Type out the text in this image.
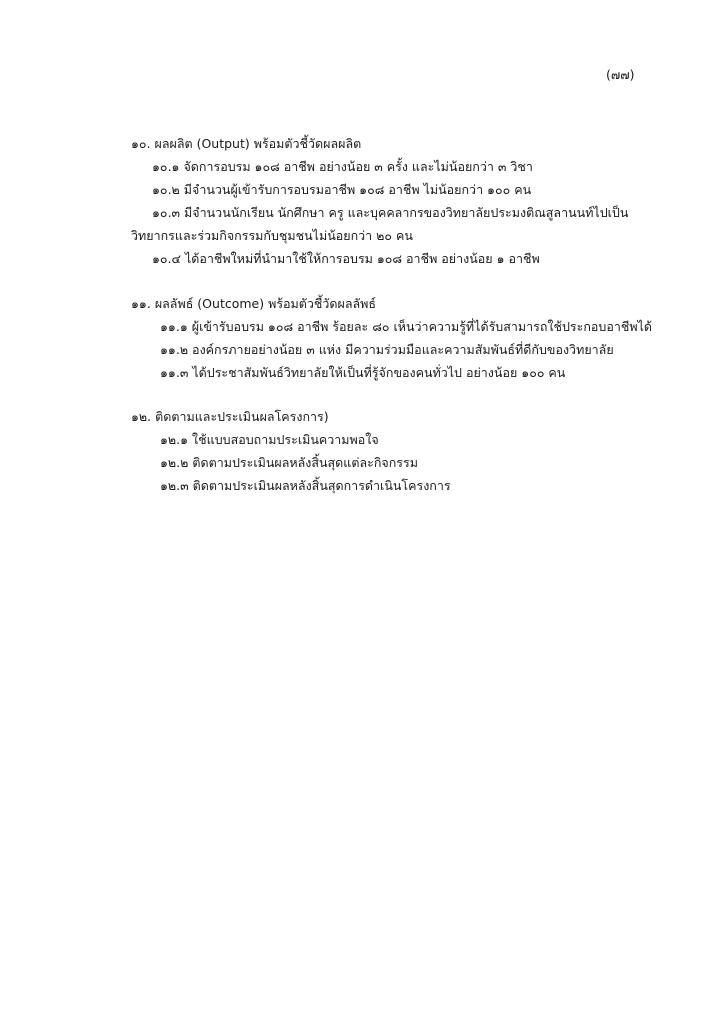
(๗๗)
๑๐. ผลผลิต (Output) พร้อมตัวชี้วัดผลผลิต
๑๐.๑ จัดการอบรม ๑๐๘ อาชีพ อย่างน้อย ๓ ครั้ง และไม่น้อยกว่า ๓ วิชา
๑๐.๒ มีจำนวนผู้เข้ารับการอบรมอาชีพ ๑๐๘ อาชีพ ไม่น้อยกว่า ๑๐๐ คน
๑๐.๓ มีจำนวนนักเรียน นักศึกษา ครู และบุคคลากรของวิทยาลัยประมงติณสูลานนท์ไปเป็น
วิทยากรและร่วมกิจกรรมกับชุมชนไม่น้อยกว่า ๒๐ คน
๑๐.๔ ได้อาชีพใหม่ที่นำมาใช้ให้การอบรม ๑๐๘ อาชีพ อย่างน้อย ๑ อาชีพ
๑๑. ผลลัพธ์ (Outcome) พร้อมตัวชี้วัดผลลัพธ์
๑๑.๑ ผู้เข้ารับอบรม ๑๐๘ อาชีพ ร้อยละ ๘๐ เห็นว่าความรู้ที่ได้รับสามารถใช้ประกอบอาชีพได้
๑๑.๒ องค์กรภายอย่างน้อย ๓ แห่ง มีความร่วมมือและความสัมพันธ์ที่ดีกับของวิทยาลัย
๑๑.๓ ได้ประชาสัมพันธ์วิทยาลัยให้เป็นที่รู้จักของคนทั่วไป อย่างน้อย ๑๐๐ คน
๑๒. ติดตามและประเมินผลโครงการ)
๑๒.๑ ใช้แบบสอบถามประเมินความพอใจ
๑๒.๒ ติดตามประเมินผลหลังสิ้นสุดแต่ละกิจกรรม
๑๒.๓ ติดตามประเมินผลหลังสิ้นสุดการดำเนินโครงการ
